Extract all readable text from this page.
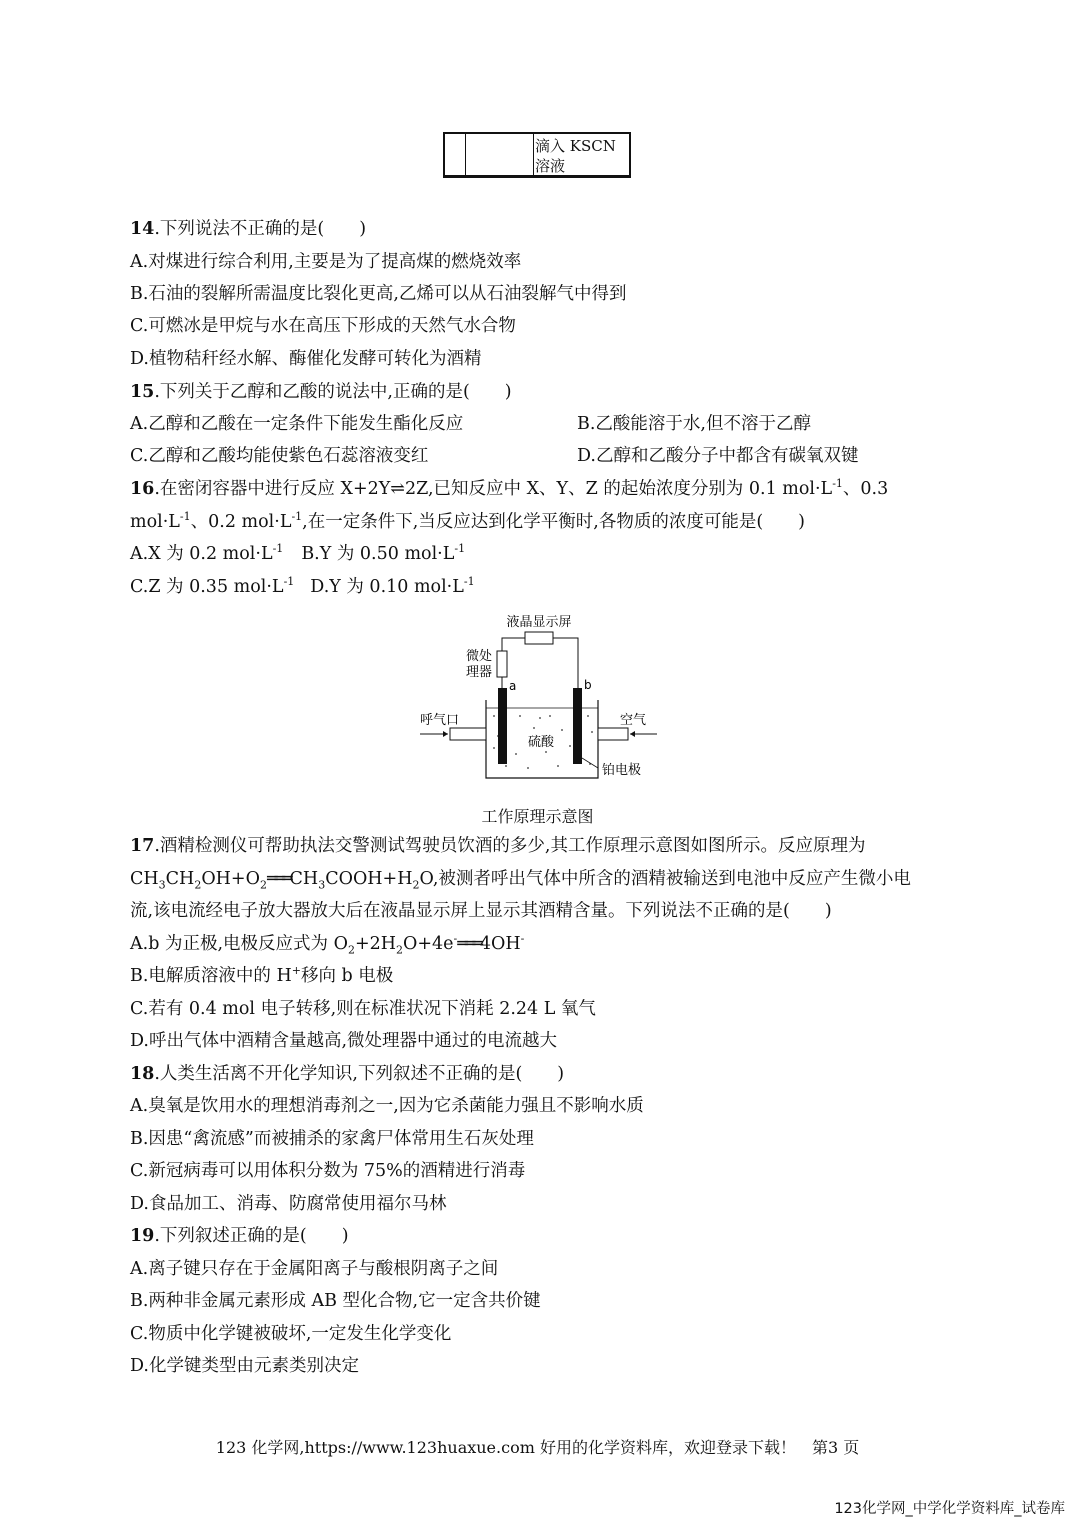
滴入 KSCN
溶液
14.下列说法不正确的是(　　)
A.对煤进行综合利用,主要是为了提高煤的燃烧效率
B.石油的裂解所需温度比裂化更高,乙烯可以从石油裂解气中得到
C.可燃冰是甲烷与水在高压下形成的天然气水合物
D.植物秸秆经水解、酶催化发酵可转化为酒精
15.下列关于乙醇和乙酸的说法中,正确的是(　　)
A.乙醇和乙酸在一定条件下能发生酯化反应	B.乙酸能溶于水,但不溶于乙醇
C.乙醇和乙酸均能使紫色石蕊溶液变红	D.乙醇和乙酸分子中都含有碳氧双键
16.在密闭容器中进行反应 X+2Y⇌2Z,已知反应中 X、Y、Z 的起始浓度分别为 0.1 $mol\cdot L^{-1}$、0.3
$mol\cdot L^{-1}$、0.2 $mol\cdot L^{-1}$,在一定条件下,当反应达到化学平衡时,各物质的浓度可能是(　　)
A.X 为 0.2 $mol\cdot L^{-1}$ B.Y 为 0.50 $mol\cdot L^{-1}$
C.Z 为 0.35 $mol\cdot L^{-1}$ D.Y 为 0.10 $mol\cdot L^{-1}$
液晶显示屏
微处
理器
a	b
呼气口	空气
硫酸
铂电极
工作原理示意图
17.酒精检测仪可帮助执法交警测试驾驶员饮酒的多少,其工作原理示意图如图所示。反应原理为
$CH_3CH_2OH+O_2═══CH_3COOH+H_2O$,被测者呼出气体中所含的酒精被输送到电池中反应产生微小电
流,该电流经电子放大器放大后在液晶显示屏上显示其酒精含量。下列说法不正确的是(　　)
A.b 为正极,电极反应式为 $O_2+2H_2O+4e^-═══4OH^-$
B.电解质溶液中的 H+移向 b 电极
C.若有 0.4 mol 电子转移,则在标准状况下消耗 2.24 L 氧气
D.呼出气体中酒精含量越高,微处理器中通过的电流越大
18.人类生活离不开化学知识,下列叙述不正确的是(　　)
A.臭氧是饮用水的理想消毒剂之一,因为它杀菌能力强且不影响水质
B.因患“禽流感”而被捕杀的家禽尸体常用生石灰处理
C.新冠病毒可以用体积分数为 75%的酒精进行消毒
D.食品加工、消毒、防腐常使用福尔马林
19.下列叙述正确的是(　　)
A.离子键只存在于金属阳离子与酸根阴离子之间
B.两种非金属元素形成 AB 型化合物,它一定含共价键
C.物质中化学键被破坏,一定发生化学变化
D.化学键类型由元素类别决定
123 化学网,https://www.123huaxue.com 好用的化学资料库，欢迎登录下载！　第3 页
123化学网_中学化学资料库_试卷库
